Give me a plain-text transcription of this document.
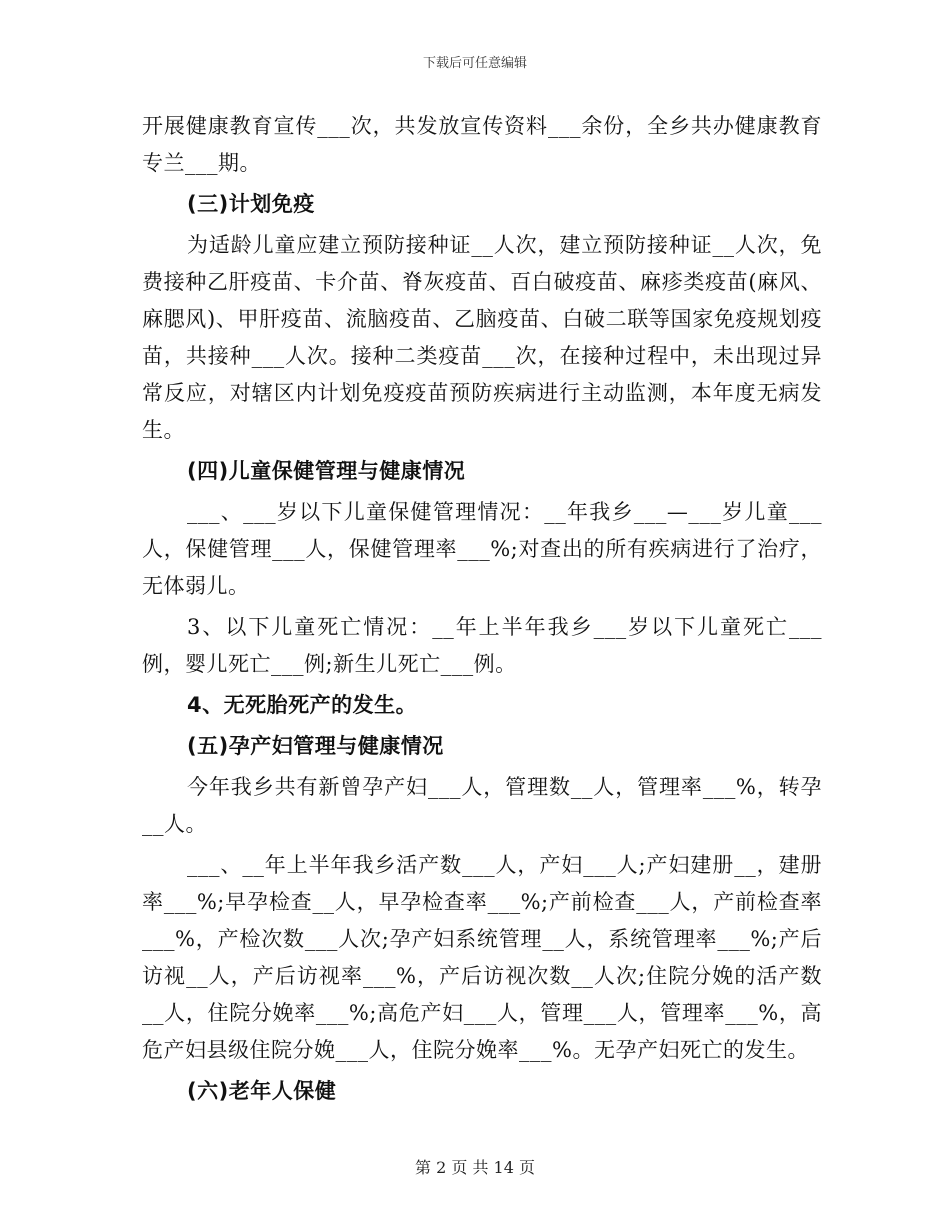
下载后可任意编辑

开展健康教育宣传___次，共发放宣传资料___余份，全乡共办健康教育专兰___期。

(三)计划免疫

为适龄儿童应建立预防接种证__人次，建立预防接种证__人次，免费接种乙肝疫苗、卡介苗、脊灰疫苗、百白破疫苗、麻疹类疫苗(麻风、麻腮风)、甲肝疫苗、流脑疫苗、乙脑疫苗、白破二联等国家免疫规划疫苗，共接种___人次。接种二类疫苗___次，在接种过程中，未出现过异常反应，对辖区内计划免疫疫苗预防疾病进行主动监测，本年度无病发生。

(四)儿童保健管理与健康情况

___、___岁以下儿童保健管理情况：__年我乡___—___岁儿童___人，保健管理___人，保健管理率___%;对查出的所有疾病进行了治疗，无体弱儿。

3、以下儿童死亡情况：__年上半年我乡___岁以下儿童死亡___例，婴儿死亡___例;新生儿死亡___例。

4、无死胎死产的发生。

(五)孕产妇管理与健康情况

今年我乡共有新曾孕产妇___人，管理数__人，管理率___%，转孕__人。

___、__年上半年我乡活产数___人，产妇___人;产妇建册__，建册率___%;早孕检查__人，早孕检查率___%;产前检查___人，产前检查率___%，产检次数___人次;孕产妇系统管理__人，系统管理率___%;产后访视__人，产后访视率___%，产后访视次数__人次;住院分娩的活产数__人，住院分娩率___%;高危产妇___人，管理___人，管理率___%，高危产妇县级住院分娩___人，住院分娩率___%。无孕产妇死亡的发生。

(六)老年人保健

第 2 页 共 14 页
